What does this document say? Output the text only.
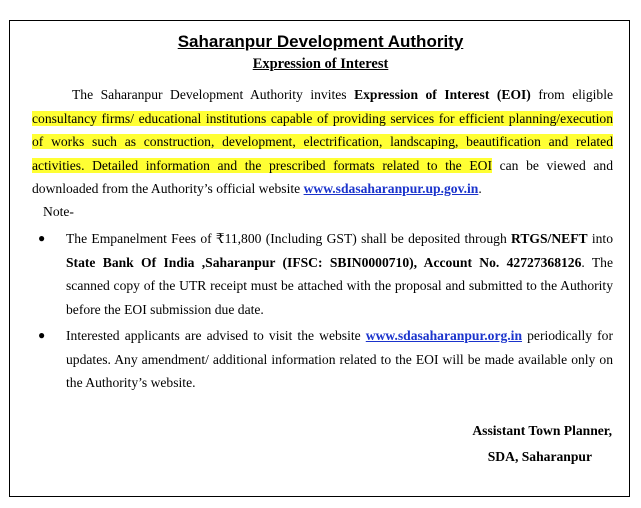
Saharanpur Development Authority
Expression of Interest
The Saharanpur Development Authority invites Expression of Interest (EOI) from eligible consultancy firms/ educational institutions capable of providing services for efficient planning/execution of works such as construction, development, electrification, landscaping, beautification and related activities. Detailed information and the prescribed formats related to the EOI can be viewed and downloaded from the Authority’s official website www.sdasaharanpur.up.gov.in.
Note-
● The Empanelment Fees of ₹11,800 (Including GST) shall be deposited through RTGS/NEFT into State Bank Of India ,Saharanpur (IFSC: SBIN0000710), Account No. 42727368126. The scanned copy of the UTR receipt must be attached with the proposal and submitted to the Authority before the EOI submission due date.
● Interested applicants are advised to visit the website www.sdasaharanpur.org.in periodically for updates. Any amendment/ additional information related to the EOI will be made available only on the Authority’s website.
Assistant Town Planner,
SDA, Saharanpur
